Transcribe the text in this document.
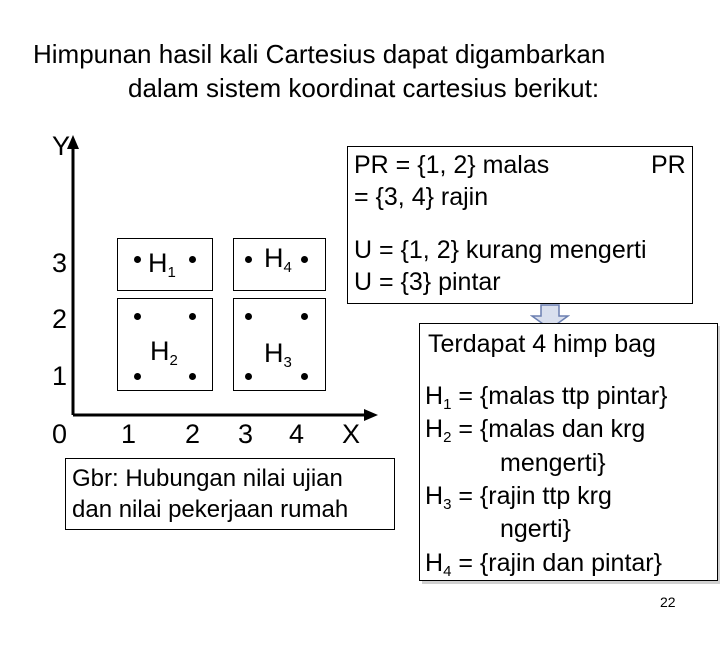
Himpunan hasil kali Cartesius dapat digambarkan
dalam sistem koordinat cartesius berikut:
Y
X
3
2
1
0 1 2 3 4
$H_1$	$H_4$
$H_2$	$H_3$
PR = {1, 2} malas	PR
= {3, 4} rajin
U = {1, 2} kurang mengerti
U = {3} pintar
Gbr: Hubungan nilai ujian
dan nilai pekerjaan rumah
Terdapat 4 himp bag
$H_1$ = {malas ttp pintar}
$H_2$ = {malas dan krg
mengerti}
$H_3$ = {rajin ttp krg
ngerti}
$H_4$ = {rajin dan pintar}
22
